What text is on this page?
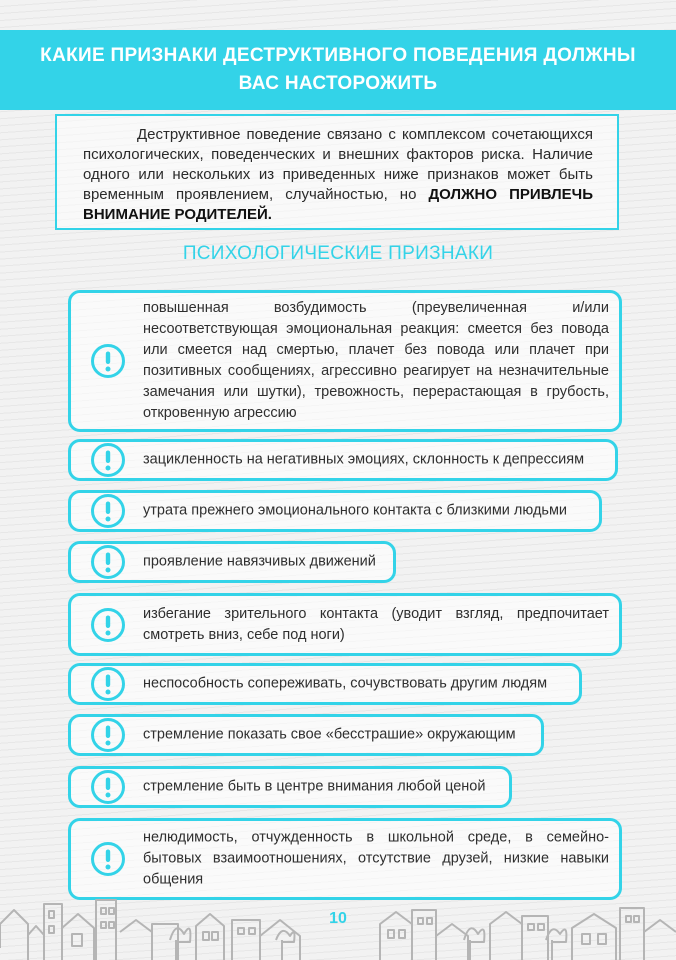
КАКИЕ ПРИЗНАКИ ДЕСТРУКТИВНОГО ПОВЕДЕНИЯ ДОЛЖНЫ ВАС НАСТОРОЖИТЬ
Деструктивное поведение связано с комплексом сочетающихся психологических, поведенческих и внешних факторов риска. Наличие одного или нескольких из приведенных ниже признаков может быть временным проявлением, случайностью, но ДОЛЖНО ПРИВЛЕЧЬ ВНИМАНИЕ РОДИТЕЛЕЙ.
ПСИХОЛОГИЧЕСКИЕ ПРИЗНАКИ
повышенная возбудимость (преувеличенная и/или несоответствующая эмоциональная реакция: смеется без повода или смеется над смертью, плачет без повода или плачет при позитивных сообщениях, агрессивно реагирует на незначительные замечания или шутки), тревожность, перерастающая в грубость, откровенную агрессию
зацикленность на негативных эмоциях, склонность к депрессиям
утрата прежнего эмоционального контакта с близкими людьми
проявление навязчивых движений
избегание зрительного контакта (уводит взгляд, предпочитает смотреть вниз, себе под ноги)
неспособность сопереживать, сочувствовать другим людям
стремление показать свое «бесстрашие» окружающим
стремление быть в центре внимания любой ценой
нелюдимость, отчужденность в школьной среде, в семейно-бытовых взаимоотношениях, отсутствие друзей, низкие навыки общения
10
